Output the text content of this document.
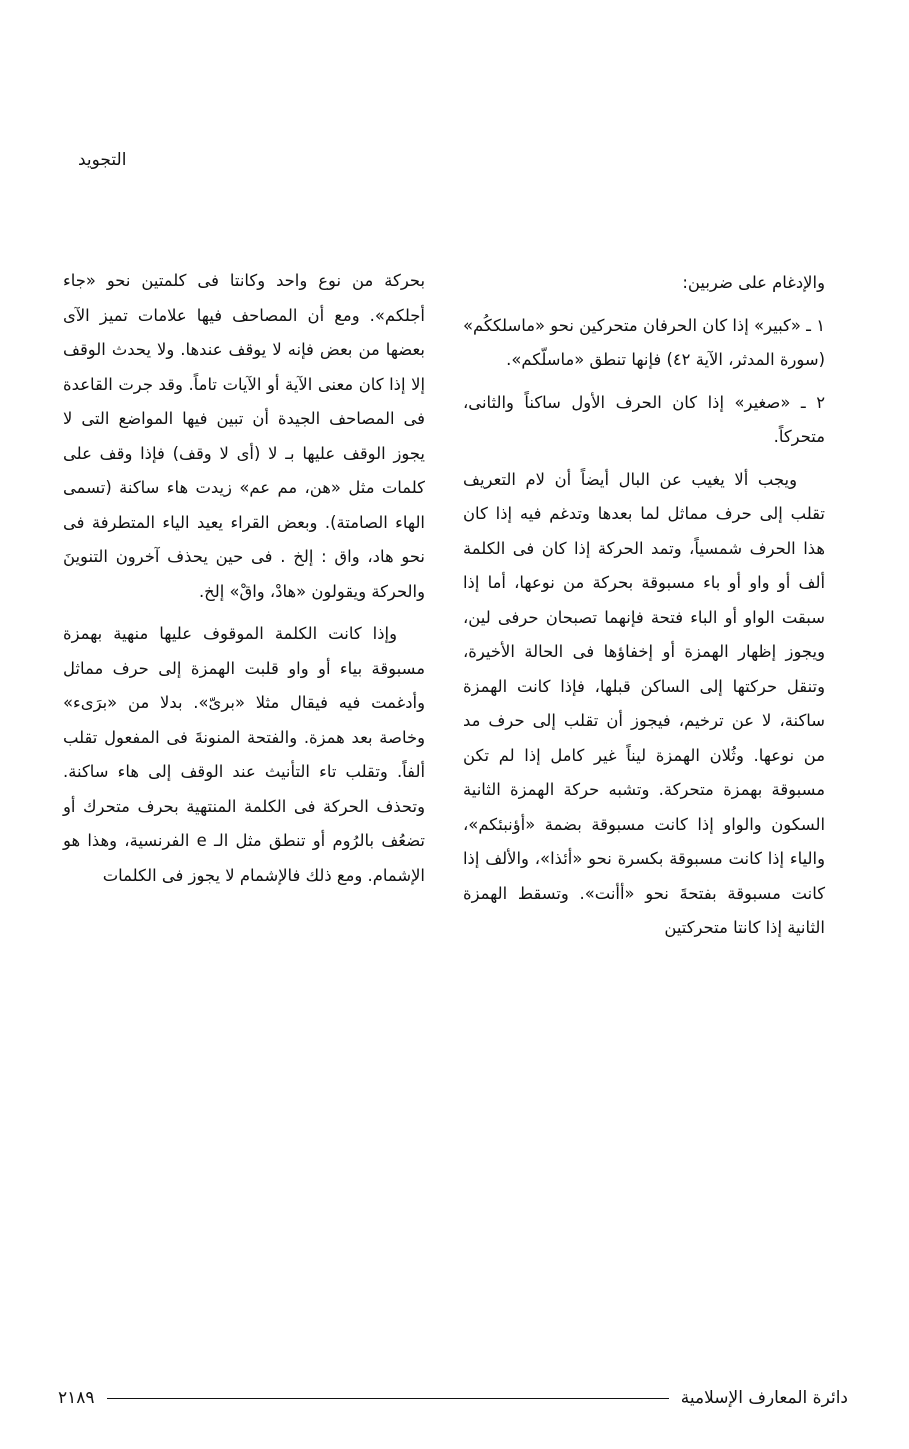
التجويد

والإدغام على ضربين:

١ ـ «كبير» إذا كان الحرفان متحركين نحو «ماسلككُم» (سورة المدثر، الآية ٤٢) فإنها تنطق «ماسلّكم».

٢ ـ «صغير» إذا كان الحرف الأول ساكناً والثانى، متحركاً.

ويجب ألا يغيب عن البال أيضاً أن لام التعريف تقلب إلى حرف مماثل لما بعدها وتدغم فيه إذا كان هذا الحرف شمسياً، وتمد الحركة إذا كان فى الكلمة ألف أو واو أو باء مسبوقة بحركة من نوعها، أما إذا سبقت الواو أو الباء فتحة فإنهما تصبحان حرفى لين، ويجوز إظهار الهمزة أو إخفاؤها فى الحالة الأخيرة، وتنقل حركتها إلى الساكن قبلها، فإذا كانت الهمزة ساكنة، لا عن ترخيم، فيجوز أن تقلب إلى حرف مد من نوعها. وثُلان الهمزة ليناً غير كامل إذا لم تكن مسبوقة بهمزة متحركة. وتشبه حركة الهمزة الثانية السكون والواو إذا كانت مسبوقة بضمة «أؤنبئكم»، والياء إذا كانت مسبوقة بكسرة نحو «أئذا»، والألف إذا كانت مسبوقة بفتحةَ نحو «أأنت». وتسقط الهمزة الثانية إذا كانتا متحركتين

بحركة من نوع واحد وكانتا فى كلمتين نحو «جاء أجلكم». ومع أن المصاحف فيها علامات تميز الآى بعضها من بعض فإنه لا يوقف عندها. ولا يحدث الوقف إلا إذا كان معنى الآية أو الآيات تاماً. وقد جرت القاعدة فى المصاحف الجيدة أن تبين فيها المواضع التى لا يجوز الوقف عليها بـ لا (أى لا وقف) فإذا وقف على كلمات مثل «هن، مم عم» زيدت هاء ساكنة (تسمى الهاء الصامتة). وبعض القراء يعيد الياء المتطرفة فى نحو هاد، واق : إلخ . فى حين يحذف آخرون التنوينَ والحركة ويقولون «هادْ، واقْ» إلخ.

وإذا كانت الكلمة الموقوف عليها منهية بهمزة مسبوقة بياء أو واو قلبت الهمزة إلى حرف مماثل وأدغمت فيه فيقال مثلا «برىّ». بدلا من «برَىء» وخاصة بعد همزة. والفتحة المنونةَ فى المفعول تقلب ألفاً. وتقلب تاء التأنيث عند الوقف إلى هاء ساكنة. وتحذف الحركة فى الكلمة المنتهية بحرف متحرك أو تضعُف بالرُوم أو تنطق مثل الـ e الفرنسية، وهذا هو الإشمام. ومع ذلك فالإشمام لا يجوز فى الكلمات

دائرة المعارف الإسلامية
٢١٨٩
